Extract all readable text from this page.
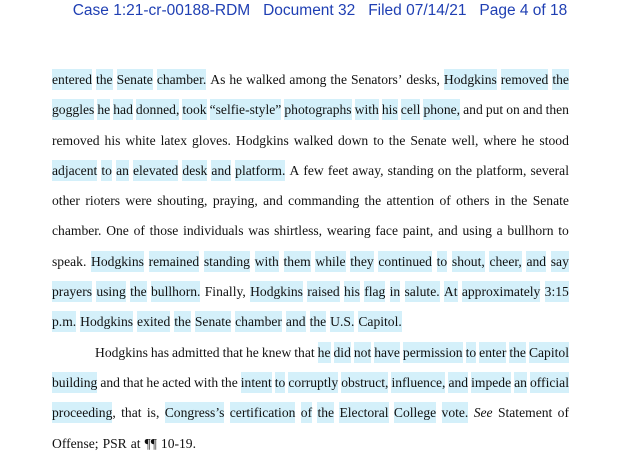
Case 1:21-cr-00188-RDM   Document 32   Filed 07/14/21   Page 4 of 18
entered the Senate chamber. As he walked among the Senators’ desks, Hodgkins removed the
goggles he had donned, took “selfie-style” photographs with his cell phone, and put on and then
removed his white latex gloves. Hodgkins walked down to the Senate well, where he stood
adjacent to an elevated desk and platform. A few feet away, standing on the platform, several
other rioters were shouting, praying, and commanding the attention of others in the Senate
chamber. One of those individuals was shirtless, wearing face paint, and using a bullhorn to
speak. Hodgkins remained standing with them while they continued to shout, cheer, and say
prayers using the bullhorn. Finally, Hodgkins raised his flag in salute. At approximately 3:15
p.m. Hodgkins exited the Senate chamber and the U.S. Capitol.
Hodgkins has admitted that he knew that he did not have permission to enter the Capitol
building and that he acted with the intent to corruptly obstruct, influence, and impede an official
proceeding, that is, Congress’s certification of the Electoral College vote. See Statement of
Offense; PSR at ¶¶ 10-19.
